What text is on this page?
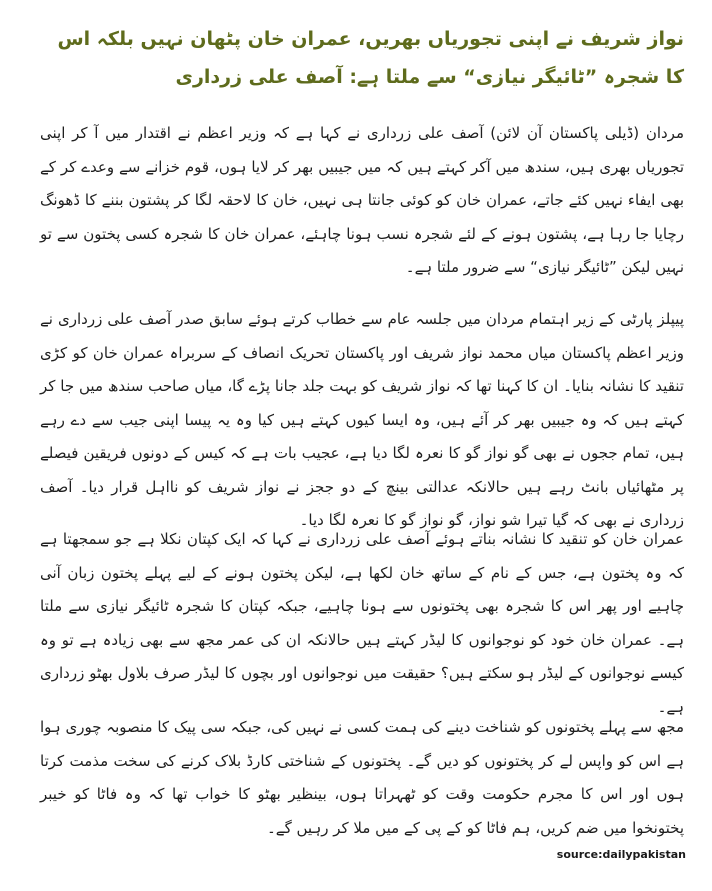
نواز شریف نے اپنی تجوریاں بھریں، عمران خان پٹھان نہیں بلکہ اس کا شجرہ ”ٹائیگر نیازی“ سے ملتا ہے: آصف علی زرداری

مردان (ڈیلی پاکستان آن لائن) آصف علی زرداری نے کہا ہے کہ وزیر اعظم نے اقتدار میں آ کر اپنی تجوریاں بھری ہیں، سندھ میں آکر کہتے ہیں کہ میں جیبیں بھر کر لایا ہوں، قوم خزانے سے وعدے کر کے بھی ایفاء نہیں کئے جاتے، عمران خان کو کوئی جانتا ہی نہیں، خان کا لاحقہ لگا کر پشتون بننے کا ڈھونگ رچایا جا رہا ہے، پشتون ہونے کے لئے شجرہ نسب ہونا چاہئے، عمران خان کا شجرہ کسی پختون سے تو نہیں لیکن ”ٹائیگر نیازی“ سے ضرور ملتا ہے۔

پیپلز پارٹی کے زیر اہتمام مردان میں جلسہ عام سے خطاب کرتے ہوئے سابق صدر آصف علی زرداری نے وزیر اعظم پاکستان میاں محمد نواز شریف اور پاکستان تحریک انصاف کے سربراہ عمران خان کو کڑی تنقید کا نشانہ بنایا۔ ان کا کہنا تھا کہ نواز شریف کو بہت جلد جانا پڑے گا، میاں صاحب سندھ میں جا کر کہتے ہیں کہ وہ جیبیں بھر کر آئے ہیں، وہ ایسا کیوں کہتے ہیں کیا وہ یہ پیسا اپنی جیب سے دے رہے ہیں، تمام ججوں نے بھی گو نواز گو کا نعرہ لگا دیا ہے، عجیب بات ہے کہ کیس کے دونوں فریقین فیصلے پر مٹھائیاں بانٹ رہے ہیں حالانکہ عدالتی بینچ کے دو ججز نے نواز شریف کو نااہل قرار دیا۔ آصف زرداری نے بھی کہ گیا تیرا شو نواز، گو نواز گو کا نعرہ لگا دیا۔

عمران خان کو تنقید کا نشانہ بناتے ہوئے آصف علی زرداری نے کہا کہ ایک کپتان نکلا ہے جو سمجھتا ہے کہ وہ پختون ہے، جس کے نام کے ساتھ خان لکھا ہے، لیکن پختون ہونے کے لیے پہلے پختون زبان آنی چاہیے اور پھر اس کا شجرہ بھی پختونوں سے ہونا چاہیے، جبکہ کپتان کا شجرہ ٹائیگر نیازی سے ملتا ہے۔ عمران خان خود کو نوجوانوں کا لیڈر کہتے ہیں حالانکہ ان کی عمر مجھ سے بھی زیادہ ہے تو وہ کیسے نوجوانوں کے لیڈر ہو سکتے ہیں؟ حقیقت میں نوجوانوں اور بچوں کا لیڈر صرف بلاول بھٹو زرداری ہے۔

مجھ سے پہلے پختونوں کو شناخت دینے کی ہمت کسی نے نہیں کی، جبکہ سی پیک کا منصوبہ چوری ہوا ہے اس کو واپس لے کر پختونوں کو دیں گے۔ پختونوں کے شناختی کارڈ بلاک کرنے کی سخت مذمت کرتا ہوں اور اس کا مجرم حکومت وقت کو ٹھہراتا ہوں، بینظیر بھٹو کا خواب تھا کہ وہ فاٹا کو خیبر پختونخوا میں ضم کریں، ہم فاٹا کو کے پی کے میں ملا کر رہیں گے۔

source:dailypakistan
